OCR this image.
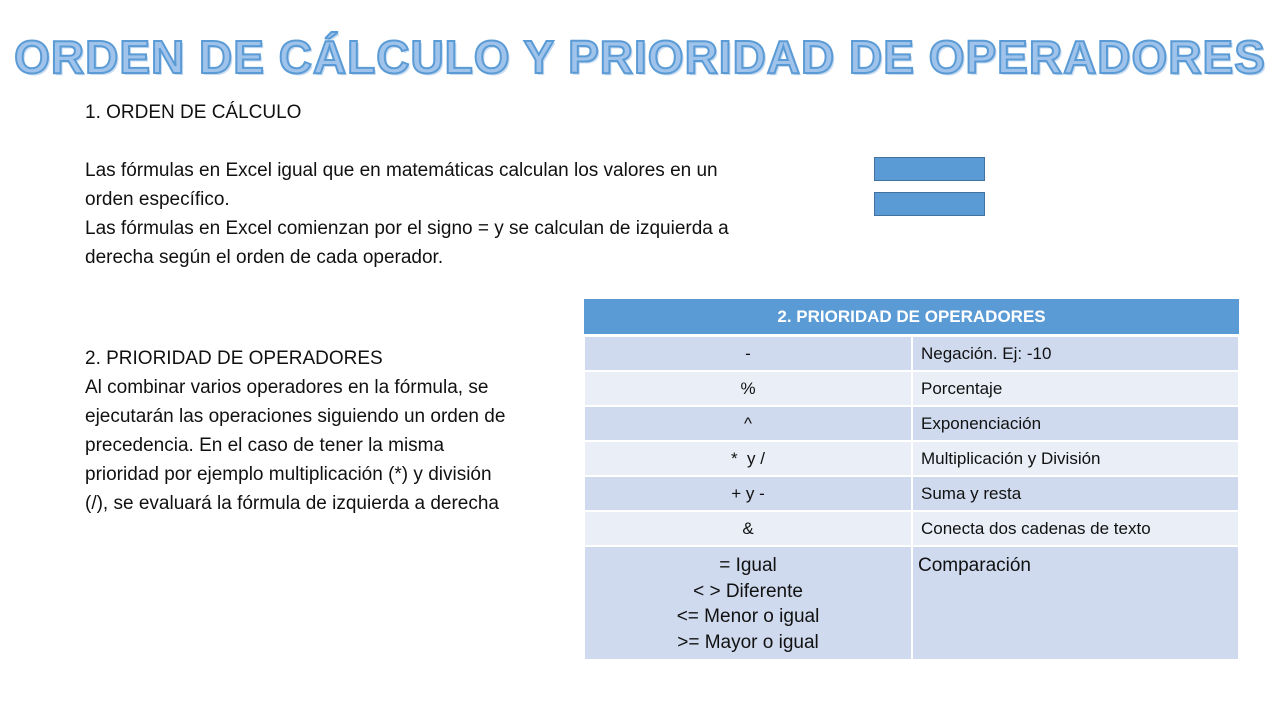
ORDEN DE CÁLCULO Y PRIORIDAD DE OPERADORES
1. ORDEN DE CÁLCULO
Las fórmulas en Excel igual que en matemáticas calculan los valores en un
orden específico.
Las fórmulas en Excel comienzan por el signo = y se calculan de izquierda a
derecha según el orden de cada operador.
2. PRIORIDAD DE OPERADORES
Al combinar varios operadores en la fórmula, se
ejecutarán las operaciones siguiendo un orden de
precedencia. En el caso de tener la misma
prioridad por ejemplo multiplicación (*) y división
(/), se evaluará la fórmula de izquierda a derecha
2. PRIORIDAD DE OPERADORES	
-	Negación. Ej: -10
%	Porcentaje
^	Exponenciación
*  y /	Multiplicación y División
+ y -	Suma y resta
&	Conecta dos cadenas de texto

= Igual
< > Diferente
<= Menor o igual
>= Mayor o igual	Comparación
